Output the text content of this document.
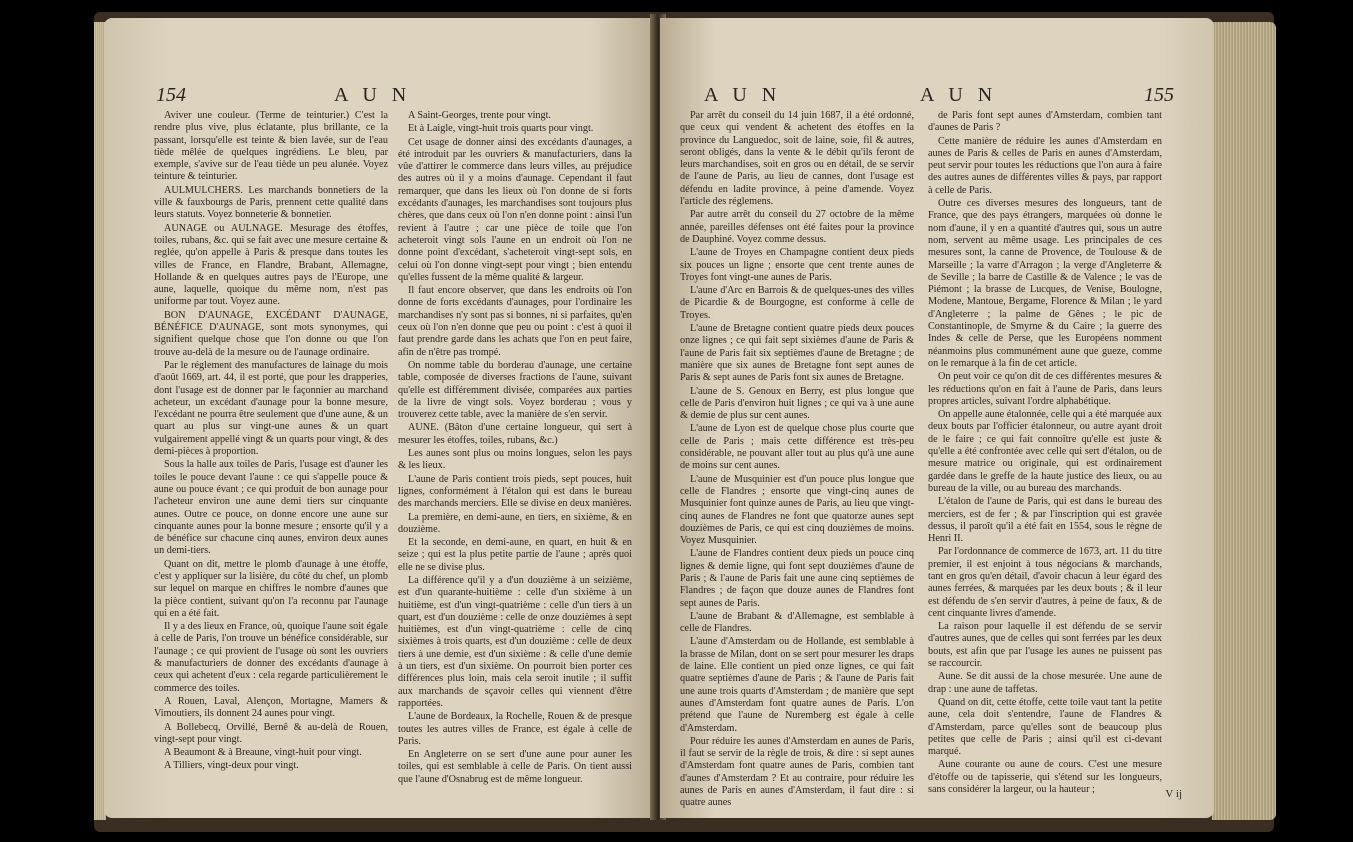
154	A U N

Aviver une couleur. (Terme de teinturier.) C'est la rendre plus vive, plus éclatante, plus brillante, ce la passant, lorsqu'elle est teinte & bien lavée, sur de l'eau tiède mêlée de quelques ingrédiens. Le bleu, par exemple, s'avive sur de l'eau tiède un peu alunée. Voyez teinture & teinturier.

AULMULCHERS. Les marchands bonnetiers de la ville & fauxbourgs de Paris, prennent cette qualité dans leurs statuts. Voyez bonneterie & bonnetier.

AUNAGE ou AULNAGE. Mesurage des étoffes, toiles, rubans, &c. qui se fait avec une mesure certaine & reglée, qu'on appelle à Paris & presque dans toutes les villes de France, en Flandre, Brabant, Allemagne, Hollande & en quelques autres pays de l'Europe, une aune, laquelle, quoique du même nom, n'est pas uniforme par tout. Voyez aune.

BON D'AUNAGE, EXCÉDANT D'AUNAGE, BÉNÉFICE D'AUNAGE, sont mots synonymes, qui signifient quelque chose que l'on donne ou que l'on trouve au-delà de la mesure ou de l'aunage ordinaire.

Par le réglement des manufactures de lainage du mois d'août 1669, art. 44, il est porté, que pour les drapperies, dont l'usage est de donner par le façonnier au marchand acheteur, un excédant d'aunage pour la bonne mesure, l'excédant ne pourra être seulement que d'une aune, & un quart au plus sur vingt-une aunes & un quart vulgairement appellé vingt & un quarts pour vingt, & des demi-pièces à proportion.

Sous la halle aux toiles de Paris, l'usage est d'auner les toiles le pouce devant l'aune : ce qui s'appelle pouce & aune ou pouce évant ; ce qui produit de bon aunage pour l'acheteur environ une aune demi tiers sur cinquante aunes. Outre ce pouce, on donne encore une aune sur cinquante aunes pour la bonne mesure ; ensorte qu'il y a de bénéfice sur chacune cinq aunes, environ deux aunes un demi-tiers.

Quant on dit, mettre le plomb d'aunage à une étoffe, c'est y appliquer sur la lisière, du côté du chef, un plomb sur lequel on marque en chiffres le nombre d'aunes que la pièce contient, suivant qu'on l'a reconnu par l'aunage qui en a été fait.

Il y a des lieux en France, où, quoique l'aune soit égale à celle de Paris, l'on trouve un bénéfice considérable, sur l'aunage ; ce qui provient de l'usage où sont les ouvriers & manufacturiers de donner des excédants d'aunage à ceux qui achetent d'eux : cela regarde particulièrement le commerce des toiles.

A Rouen, Laval, Alençon, Mortagne, Mamers & Vimoutiers, ils donnent 24 aunes pour vingt.

A Bollebecq, Orvillé, Bernê & au-delà de Rouen, vingt-sept pour vingt.

A Beaumont & à Breaune, vingt-huit pour vingt.

A Tilliers, vingt-deux pour vingt.

A Saint-Georges, trente pour vingt.

Et à Laigle, vingt-huit trois quarts pour vingt.

Cet usage de donner ainsi des excédants d'aunages, a été introduit par les ouvriers & manufacturiers, dans la vûe d'attirer le commerce dans leurs villes, au préjudice des autres où il y a moins d'aunage. Cependant il faut remarquer, que dans les lieux où l'on donne de si forts excédants d'aunages, les marchandises sont toujours plus chères, que dans ceux où l'on n'en donne point : ainsi l'un revient à l'autre ; car une pièce de toile que l'on acheteroit vingt sols l'aune en un endroit où l'on ne donne point d'excédant, s'acheteroit vingt-sept sols, en celui où l'on donne vingt-sept pour vingt ; bien entendu qu'elles fussent de la même qualité & largeur.

Il faut encore observer, que dans les endroits où l'on donne de forts excédants d'aunages, pour l'ordinaire les marchandises n'y sont pas si bonnes, ni si parfaites, qu'en ceux où l'on n'en donne que peu ou point : c'est à quoi il faut prendre garde dans les achats que l'on en peut faire, afin de n'être pas trompé.

On nomme table du borderau d'aunage, une certaine table, composée de diverses fractions de l'aune, suivant qu'elle est différemment divisée, comparées aux parties de la livre de vingt sols. Voyez borderau ; vous y trouverez cette table, avec la manière de s'en servir.

AUNE. (Bâton d'une certaine longueur, qui sert à mesurer les étoffes, toiles, rubans, &c.)

Les aunes sont plus ou moins longues, selon les pays & les lieux.

L'aune de Paris contient trois pieds, sept pouces, huit lignes, conformément à l'étalon qui est dans le bureau des marchands merciers. Elle se divise en deux manières.

La première, en demi-aune, en tiers, en sixième, & en douzième.

Et la seconde, en demi-aune, en quart, en huit & en seize ; qui est la plus petite partie de l'aune ; après quoi elle ne se divise plus.

La différence qu'il y a d'un douzième à un seizième, est d'un quarante-huitième : celle d'un sixième à un huitième, est d'un vingt-quatrième : celle d'un tiers à un quart, est d'un douzième : celle de onze douzièmes à sept huitièmes, est d'un vingt-quatrième : celle de cinq sixièmes à trois quarts, est d'un douzième : celle de deux tiers à une demie, est d'un sixième : & celle d'une demie à un tiers, est d'un sixième. On pourroit bien porter ces différences plus loin, mais cela seroit inutile ; il suffit aux marchands de sçavoir celles qui viennent d'être rapportées.

L'aune de Bordeaux, la Rochelle, Rouen & de presque toutes les autres villes de France, est égale à celle de Paris.

En Angleterre on se sert d'une aune pour auner les toiles, qui est semblable à celle de Paris. On tient aussi que l'aune d'Osnabrug est de même longueur.

A U N	A U N	155

Par arrêt du conseil du 14 juin 1687, il a été ordonné, que ceux qui vendent & achetent des étoffes en la province du Languedoc, soit de laine, soie, fil & autres, seront obligés, dans la vente & le débit qu'ils feront de leurs marchandises, soit en gros ou en détail, de se servir de l'aune de Paris, au lieu de cannes, dont l'usage est défendu en ladite province, à peine d'amende. Voyez l'article des réglemens.

Par autre arrêt du conseil du 27 octobre de la même année, pareilles défenses ont été faites pour la province de Dauphiné. Voyez comme dessus.

L'aune de Troyes en Champagne contient deux pieds six pouces un ligne ; ensorte que cent trente aunes de Troyes font vingt-une aunes de Paris.

L'aune d'Arc en Barrois & de quelques-unes des villes de Picardie & de Bourgogne, est conforme à celle de Troyes.

L'aune de Bretagne contient quatre pieds deux pouces onze lignes ; ce qui fait sept sixièmes d'aune de Paris & l'aune de Paris fait six septièmes d'aune de Bretagne ; de manière que six aunes de Bretagne font sept aunes de Paris & sept aunes de Paris font six aunes de Bretagne.

L'aune de S. Genoux en Berry, est plus longue que celle de Paris d'environ huit lignes ; ce qui va à une aune & demie de plus sur cent aunes.

L'aune de Lyon est de quelque chose plus courte que celle de Paris ; mais cette différence est très-peu considérable, ne pouvant aller tout au plus qu'à une aune de moins sur cent aunes.

L'aune de Musquinier est d'un pouce plus longue que celle de Flandres ; ensorte que vingt-cinq aunes de Musquinier font quinze aunes de Paris, au lieu que vingt-cinq aunes de Flandres ne font que quatorze aunes sept douzièmes de Paris, ce qui est cinq douzièmes de moins. Voyez Musquinier.

L'aune de Flandres contient deux pieds un pouce cinq lignes & demie ligne, qui font sept douzièmes d'aune de Paris ; & l'aune de Paris fait une aune cinq septièmes de Flandres ; de façon que douze aunes de Flandres font sept aunes de Paris.

L'aune de Brabant & d'Allemagne, est semblable à celle de Flandres.

L'aune d'Amsterdam ou de Hollande, est semblable à la brasse de Milan, dont on se sert pour mesurer les draps de laine. Elle contient un pied onze lignes, ce qui fait quatre septièmes d'aune de Paris ; & l'aune de Paris fait une aune trois quarts d'Amsterdam ; de manière que sept aunes d'Amsterdam font quatre aunes de Paris. L'on prétend que l'aune de Nuremberg est égale à celle d'Amsterdam.

Pour réduire les aunes d'Amsterdam en aunes de Paris, il faut se servir de la règle de trois, & dire : si sept aunes d'Amsterdam font quatre aunes de Paris, combien tant d'aunes d'Amsterdam ? Et au contraire, pour réduire les aunes de Paris en aunes d'Amsterdam, il faut dire : si quatre aunes

de Paris font sept aunes d'Amsterdam, combien tant d'aunes de Paris ?

Cette manière de réduire les aunes d'Amsterdam en aunes de Paris & celles de Paris en aunes d'Amsterdam, peut servir pour toutes les réductions que l'on aura à faire des autres aunes de différentes villes & pays, par rapport à celle de Paris.

Outre ces diverses mesures des longueurs, tant de France, que des pays étrangers, marquées où donne le nom d'aune, il y en a quantité d'autres qui, sous un autre nom, servent au même usage. Les principales de ces mesures sont, la canne de Provence, de Toulouse & de Marseille ; la varre d'Arragon ; la verge d'Angleterre & de Seville ; la barre de Castille & de Valence ; le vas de Piémont ; la brasse de Lucques, de Venise, Boulogne, Modene, Mantoue, Bergame, Florence & Milan ; le yard d'Angleterre ; la palme de Gênes ; le pic de Constantinople, de Smyrne & du Caire ; la guerre des Indes & celle de Perse, que les Européens nomment néanmoins plus communément aune que gueze, comme on le remarque à la fin de cet article.

On peut voir ce qu'on dit de ces différentes mesures & les réductions qu'on en fait à l'aune de Paris, dans leurs propres articles, suivant l'ordre alphabétique.

On appelle aune étalonnée, celle qui a été marquée aux deux bouts par l'officier étalonneur, ou autre ayant droit de le faire ; ce qui fait connoître qu'elle est juste & qu'elle a été confrontée avec celle qui sert d'étalon, ou de mesure matrice ou originale, qui est ordinairement gardée dans le greffe de la haute justice des lieux, ou au bureau de la ville, ou au bureau des marchands.

L'étalon de l'aune de Paris, qui est dans le bureau des merciers, est de fer ; & par l'inscription qui est gravée dessus, il paroît qu'il a été fait en 1554, sous le règne de Henri II.

Par l'ordonnance de commerce de 1673, art. 11 du titre premier, il est enjoint à tous négocians & marchands, tant en gros qu'en détail, d'avoir chacun à leur égard des aunes ferrées, & marquées par les deux bouts ; & il leur est défendu de s'en servir d'autres, à peine de faux, & de cent cinquante livres d'amende.

La raison pour laquelle il est défendu de se servir d'autres aunes, que de celles qui sont ferrées par les deux bouts, est afin que par l'usage les aunes ne puissent pas se raccourcir.

Aune. Se dit aussi de la chose mesurée. Une aune de drap : une aune de taffetas.

Quand on dit, cette étoffe, cette toile vaut tant la petite aune, cela doit s'entendre, l'aune de Flandres & d'Amsterdam, parce qu'elles sont de beaucoup plus petites que celle de Paris ; ainsi qu'il est ci-devant marqué.

Aune courante ou aune de cours. C'est une mesure d'étoffe ou de tapisserie, qui s'étend sur les longueurs, sans considérer la largeur, ou la hauteur ;	V ij
